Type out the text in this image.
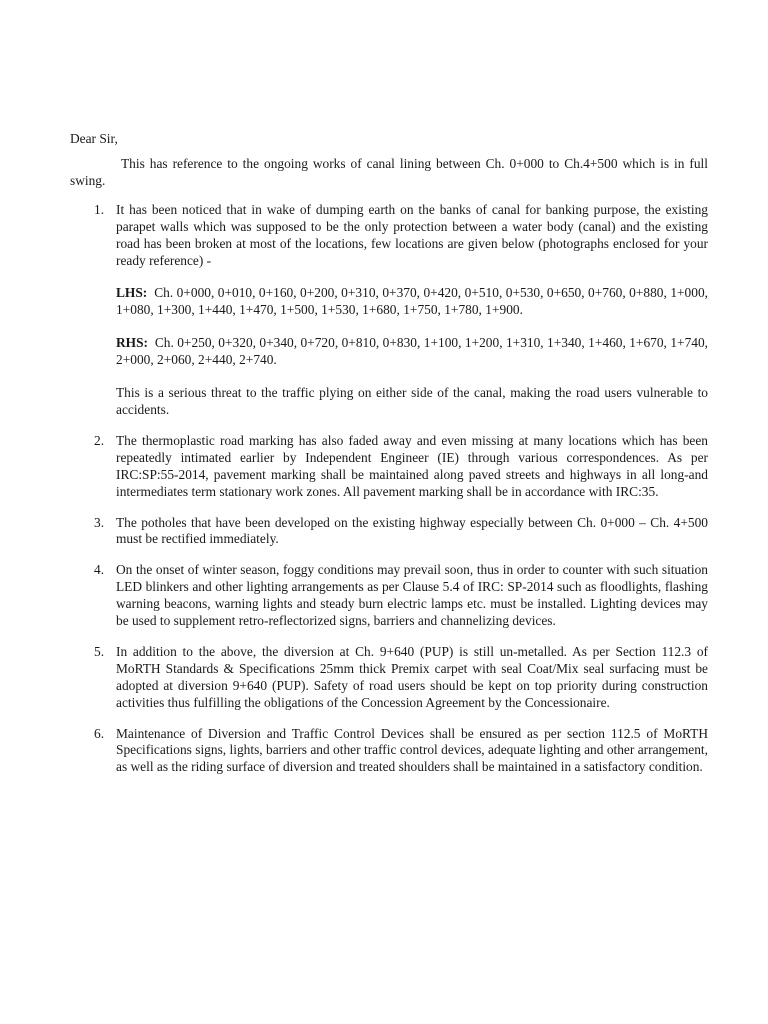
Dear Sir,

This has reference to the ongoing works of canal lining between Ch. 0+000 to Ch.4+500 which is in full swing.

1. It has been noticed that in wake of dumping earth on the banks of canal for banking purpose, the existing parapet walls which was supposed to be the only protection between a water body (canal) and the existing road has been broken at most of the locations, few locations are given below (photographs enclosed for your ready reference) -

LHS: Ch. 0+000, 0+010, 0+160, 0+200, 0+310, 0+370, 0+420, 0+510, 0+530, 0+650, 0+760, 0+880, 1+000, 1+080, 1+300, 1+440, 1+470, 1+500, 1+530, 1+680, 1+750, 1+780, 1+900.

RHS: Ch. 0+250, 0+320, 0+340, 0+720, 0+810, 0+830, 1+100, 1+200, 1+310, 1+340, 1+460, 1+670, 1+740, 2+000, 2+060, 2+440, 2+740.

This is a serious threat to the traffic plying on either side of the canal, making the road users vulnerable to accidents.

2. The thermoplastic road marking has also faded away and even missing at many locations which has been repeatedly intimated earlier by Independent Engineer (IE) through various correspondences. As per IRC:SP:55-2014, pavement marking shall be maintained along paved streets and highways in all long-and intermediates term stationary work zones. All pavement marking shall be in accordance with IRC:35.

3. The potholes that have been developed on the existing highway especially between Ch. 0+000 – Ch. 4+500 must be rectified immediately.

4. On the onset of winter season, foggy conditions may prevail soon, thus in order to counter with such situation LED blinkers and other lighting arrangements as per Clause 5.4 of IRC: SP-2014 such as floodlights, flashing warning beacons, warning lights and steady burn electric lamps etc. must be installed. Lighting devices may be used to supplement retro-reflectorized signs, barriers and channelizing devices.

5. In addition to the above, the diversion at Ch. 9+640 (PUP) is still un-metalled. As per Section 112.3 of MoRTH Standards & Specifications 25mm thick Premix carpet with seal Coat/Mix seal surfacing must be adopted at diversion 9+640 (PUP). Safety of road users should be kept on top priority during construction activities thus fulfilling the obligations of the Concession Agreement by the Concessionaire.

6. Maintenance of Diversion and Traffic Control Devices shall be ensured as per section 112.5 of MoRTH Specifications signs, lights, barriers and other traffic control devices, adequate lighting and other arrangement, as well as the riding surface of diversion and treated shoulders shall be maintained in a satisfactory condition.
